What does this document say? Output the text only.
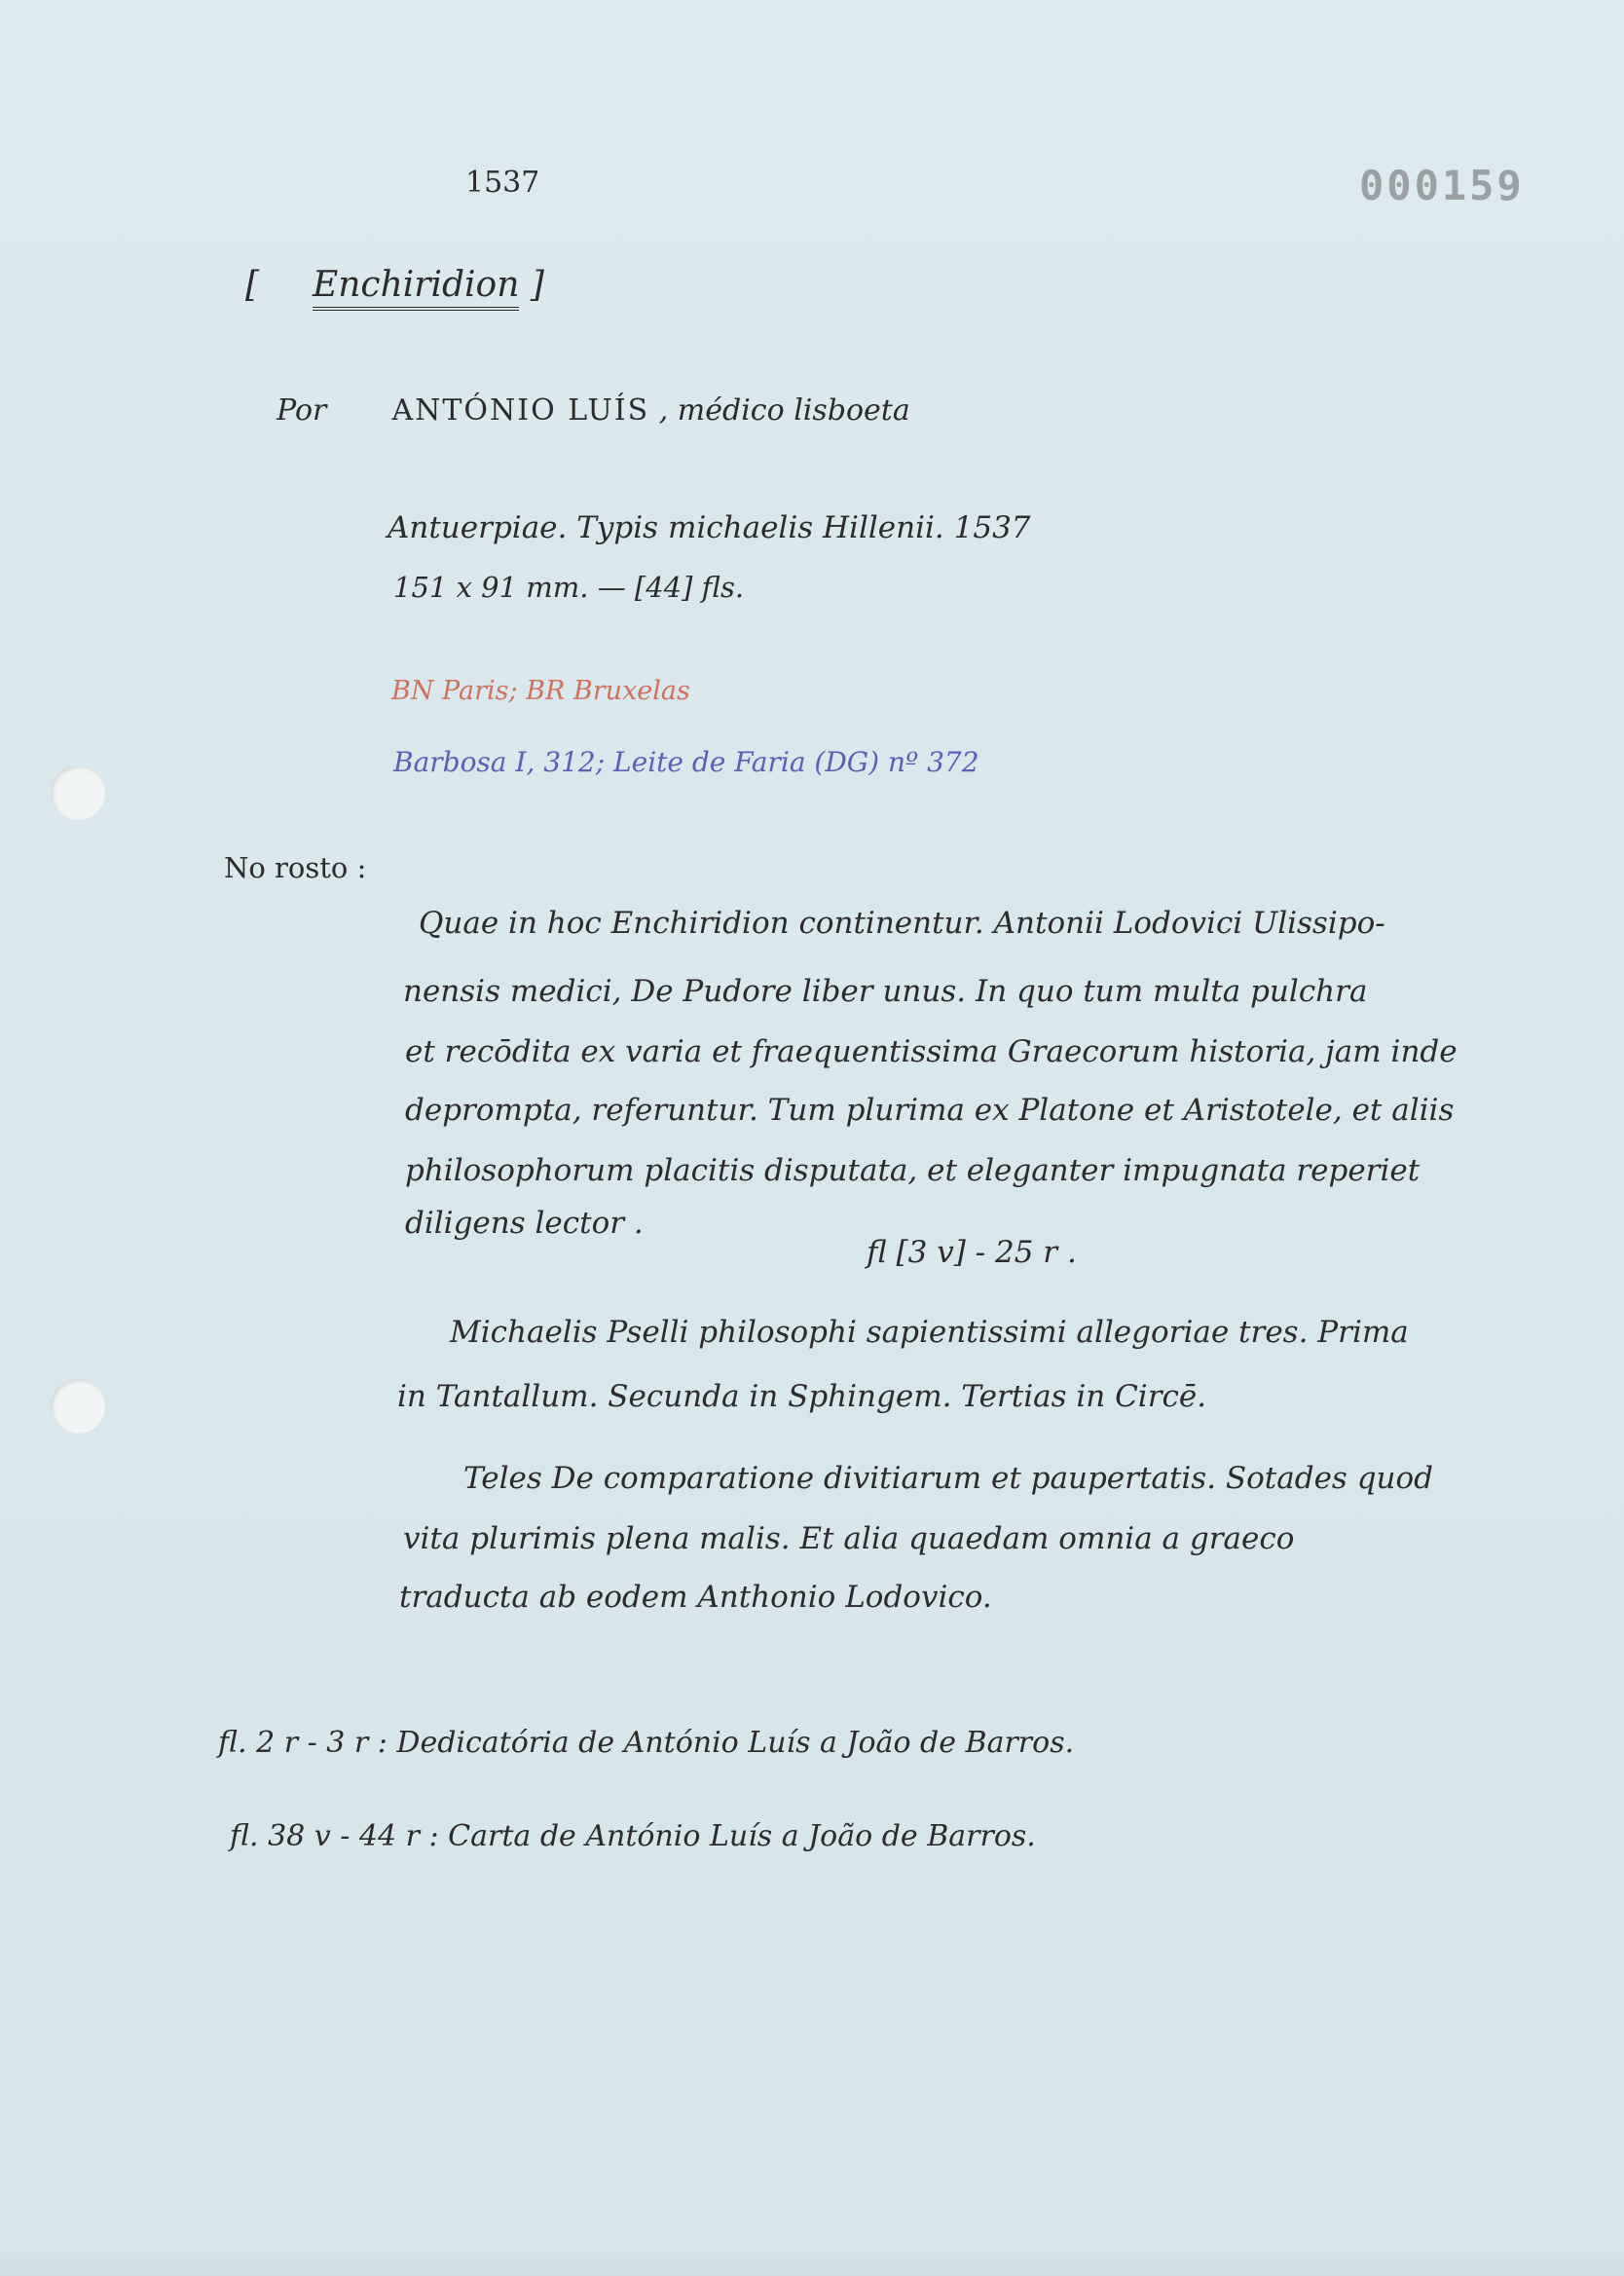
1537	000159
[ Enchiridion ]
Por ANTÓNIO LUÍS , médico lisboeta
Antuerpiae. Typis michaelis Hillenii. 1537
151 x 91 mm. — [44] fls.
BN Paris; BR Bruxelas
Barbosa I, 312; Leite de Faria (DG) nº 372
No rosto :
Quae in hoc Enchiridion continentur. Antonii Lodovici Ulissipo-
nensis medici, De Pudore liber unus. In quo tum multa pulchra
et recōdita ex varia et fraequentissima Graecorum historia, jam inde
deprompta, referuntur. Tum plurima ex Platone et Aristotele, et aliis
philosophorum placitis disputata, et eleganter impugnata reperiet
diligens lector .
fl [3 v] - 25 r .
Michaelis Pselli philosophi sapientissimi allegoriae tres. Prima
in Tantallum. Secunda in Sphingem. Tertias in Circē.
Teles De comparatione divitiarum et paupertatis. Sotades quod
vita plurimis plena malis. Et alia quaedam omnia a graeco
traducta ab eodem Anthonio Lodovico.
fl. 2 r - 3 r : Dedicatória de António Luís a João de Barros.
fl. 38 v - 44 r : Carta de António Luís a João de Barros.
